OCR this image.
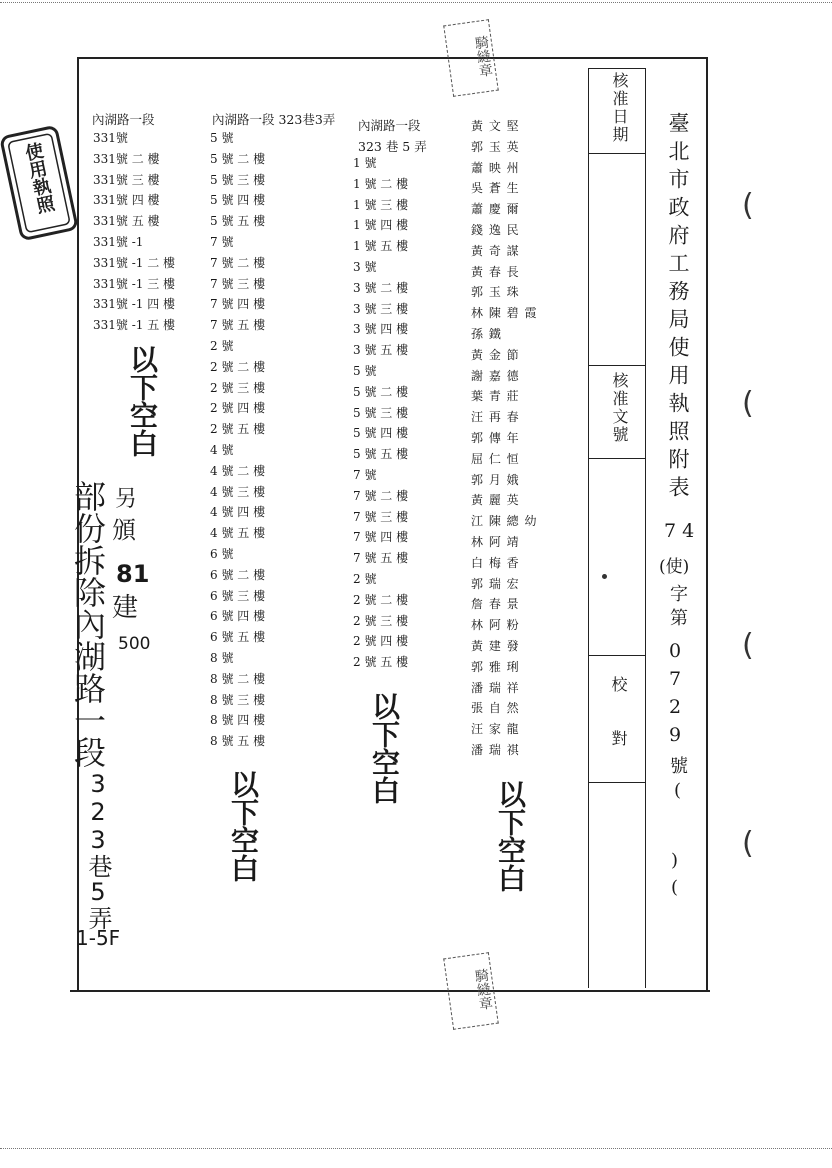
內湖路一段	內湖路一段 323巷3弄 內湖路一段
323 巷 5 弄
331號
331號 二 樓
331號 三 樓
331號 四 樓
331號 五 樓
331號 -1
331號 -1 二 樓
331號 -1 三 樓
331號 -1 四 樓
331號 -1 五 樓
5 號
5 號 二 樓
5 號 三 樓
5 號 四 樓
5 號 五 樓
7 號
7 號 二 樓
7 號 三 樓
7 號 四 樓
7 號 五 樓
2 號
2 號 二 樓
2 號 三 樓
2 號 四 樓
2 號 五 樓
4 號
4 號 二 樓
4 號 三 樓
4 號 四 樓
4 號 五 樓
6 號
6 號 二 樓
6 號 三 樓
6 號 四 樓
6 號 五 樓
8 號
8 號 二 樓
8 號 三 樓
8 號 四 樓
8 號 五 樓
1 號
1 號 二 樓
1 號 三 樓
1 號 四 樓
1 號 五 樓
3 號
3 號 二 樓
3 號 三 樓
3 號 四 樓
3 號 五 樓
5 號
5 號 二 樓
5 號 三 樓
5 號 四 樓
5 號 五 樓
7 號
7 號 二 樓
7 號 三 樓
7 號 四 樓
7 號 五 樓
2 號
2 號 二 樓
2 號 三 樓
2 號 四 樓
2 號 五 樓
黃 文 堅
郭 玉 英
蕭 映 州
吳 蒼 生
蕭 慶 爾
錢 逸 民
黃 奇 謀
黃 春 長
郭 玉 珠
林 陳 碧 霞
孫 鐵
黃 金 節
謝 嘉 德
葉 青 莊
汪 再 春
郭 傳 年
屈 仁 恒
郭 月 娥
黃 麗 英
江 陳 總 幼
林 阿 靖
白 梅 香
郭 瑞 宏
詹 春 景
林 阿 粉
黃 建 發
郭 雅 琍
潘 瑞 祥
張 自 然
汪 家 龍
潘 瑞 祺
以下空白
以下空白
以下空白
以下空白
部份拆除內湖路一段
323巷5弄
另
頒
81
建
500
1-5F
核准日期
核准文號
校
對
臺北市政府工務局使用執照附表
74
(使)
字第
0729
號(
)(
(
(
(
(
騎縫章
騎縫章
使用執照
